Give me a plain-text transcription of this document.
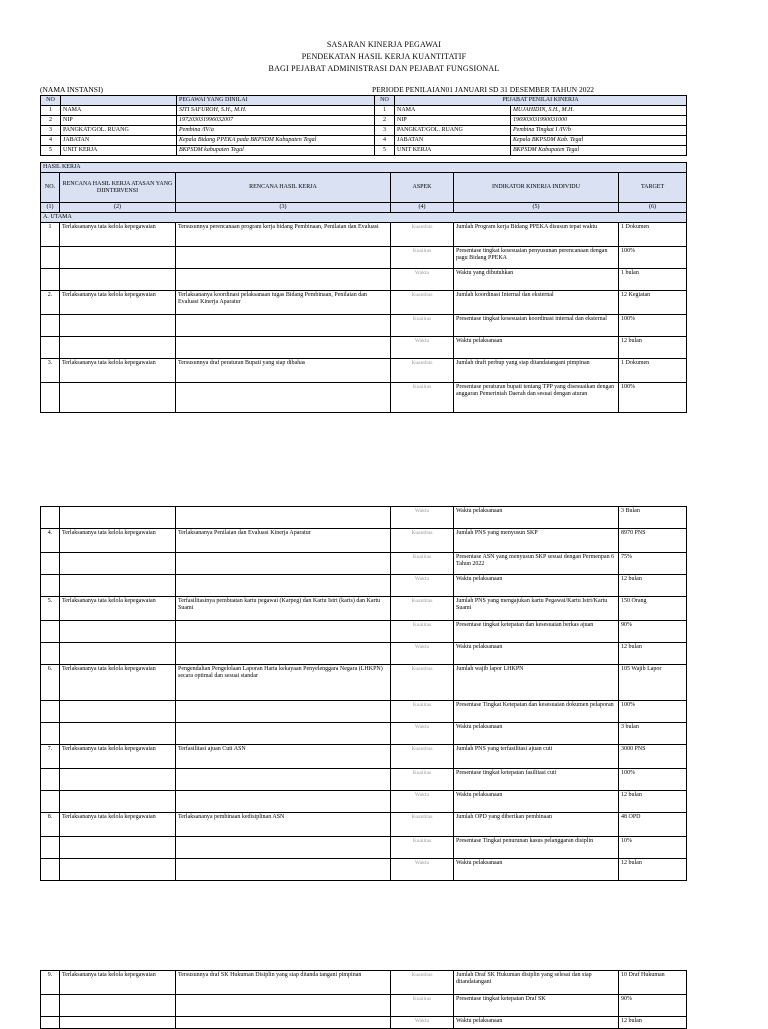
SASARAN KINERJA PEGAWAI
PENDEKATAN HASIL KERJA KUANTITATIF
BAGI PEJABAT ADMINISTRASI DAN PEJABAT FUNGSIONAL
(NAMA INSTANSI)	PERIODE PENILAIAN01 JANUARI SD 31 DESEMBER TAHUN 2022
NO		PEGAWAI YANG DINILAI	NO	PEJABAT PENILAI KINERJA	
1	NAMA	SITI SAFUROH, S.H., M.H.	1	NAMA	MUJAHIDIN, S.H., M.H.
2	NIP	197203031996032007	2	NIP	196903031990031000
3	PANGKAT/GOL. RUANG	Pembina /IV/a	3	PANGKAT/GOL. RUANG	Pembina Tingkat I /IV/b
4	JABATAN	Kepala Bidang PPEKA pada BKPSDM Kabupaten Tegal	4	JABATAN	Kepala BKPSDM Kab. Tegal
5	UNIT KERJA	BKPSDM kabupaten Tegal	5	UNIT KERJA	BKPSDM Kabupaten Tegal
HASIL KERJA					
NO.	RENCANA HASIL KERJA ATASAN YANG DIINTERVENSI	RENCANA HASIL KERJA	ASPEK	INDIKATOR KINERJA INDIVIDU	TARGET
(1)	(2)	(3)	(4)	(5)	(6)
A. UTAMA					
1	Terlaksananya tata kelola kepegawaian	Tersusunnya perencanaan program kerja bidang Pembinaan, Penilaian dan Evaluasi	Kuantitas	Jumlah Program kerja Bidang PPEKA disusun tepat waktu	1 Dokumen
			Kualitas	Presentase tingkat kesesuaian penyusunan perencanaan dengan pagu Bidang PPEKA	100%
			Waktu	Waktu yang dibutuhkan	1 bulan
2.	Terlaksananya tata kelola kepegawaian	Terlaksananya koordinasi pelaksanaan tugas Bidang Pembinaan, Penilaian dan Evaluasi Kinerja Aparatur	Kuantitas	Jumlah koordinasi Internal dan eksternal	12 Kegiatan
			Kualitas	Presentase tingkat kesesuaian koordinasi internal dan eksternal	100%
			Waktu	Waktu pelaksanaan	12 bulan
3.	Terlaksananya tata kelola kepegawaian	Tersusunnya draf peraturan Bupati yang siap dibahas	Kuantitas	Jumlah draft perbup yang siap ditandatangani pimpinan	1 Dokumen
			Kualitas	Presentase peraturan bupati tentang TPP yang disesuaikan dengan anggaran Pemerintah Daerah dan sesuai dengan aturan	100%
			Waktu	Waktu pelaksanaan	3 Bulan
4.	Terlaksananya tata kelola kepegawaian	Terlaksananya Penilaian dan Evaluasi Kinerja Aparatur	Kuantitas	Jumlah PNS yang menyusun SKP	8970 PNS
			Kualitas	Presentase ASN yang menyusun SKP sesuai dengan Permenpan 6 Tahun 2022	75%
			Waktu	Waktu pelaksanaan	12 bulan
5.	Terlaksananya tata kelola kepegawaian	Terfasilitasinya pembuatan kartu pegawai (Karpeg) dan Kartu Istri (karis) dan Kartu Suami	Kuantitas	Jumlah PNS yang mengajukan kartu Pegawai/Kartu Istri/Kartu Suami	150 Orang
			Kualitas	Presentase tingkat ketepatan dan kesesuaian berkas ajuan	90%
			Waktu	Waktu pelaksanaan	12 bulan
6.	Terlaksananya tata kelola kepegawaian	Pengendalian Pengelolaan Laporan Harta kekayaan Penyelenggara Negara (LHKPN) secara optimal dan sesuai standar	Kuantitas	Jumlah wajib lapor LHKPN	105 Wajib Lapor
			Kualitas	Presentase Tingkat Ketepatan dan kesesuaian dokumen pelaporan	100%
			Waktu	Waktu pelaksanaan	3 bulan
7.	Terlaksananya tata kelola kepegawaian	Terfasilitasi ajuan Cuti ASN	Kuantitas	Jumlah PNS yang terfasilitasi ajuan cuti	3000 PNS
			Kualitas	Presentase tingkat ketepatan fasilitasi cuti	100%
			Waktu	Waktu pelaksanaan	12 bulan
8.	Terlaksananya tata kelola kepegawaian	Terlaksananya pembinaan kedisiplinan ASN	Kuantitas	Jumlah OPD yang diberikan pembinaan	48 OPD
			Kualitas	Presentase Tingkat penurunan kasus pelanggaran disiplin	10%
			Waktu	Waktu pelaksanaan	12 bulan
9.	Terlaksananya tata kelola kepegawaian	Tersusunnya draf SK Hukuman Disiplin yang siap ditanda tangani pimpinan	Kuantitas	Jumlah Draf SK Hukuman disiplin yang selesai dan siap ditandatangani	10 Draf Hukuman
			Kualitas	Presentase tingkat ketepatan Draf SK	90%
			Waktu	Waktu pelaksanaan	12 bulan
